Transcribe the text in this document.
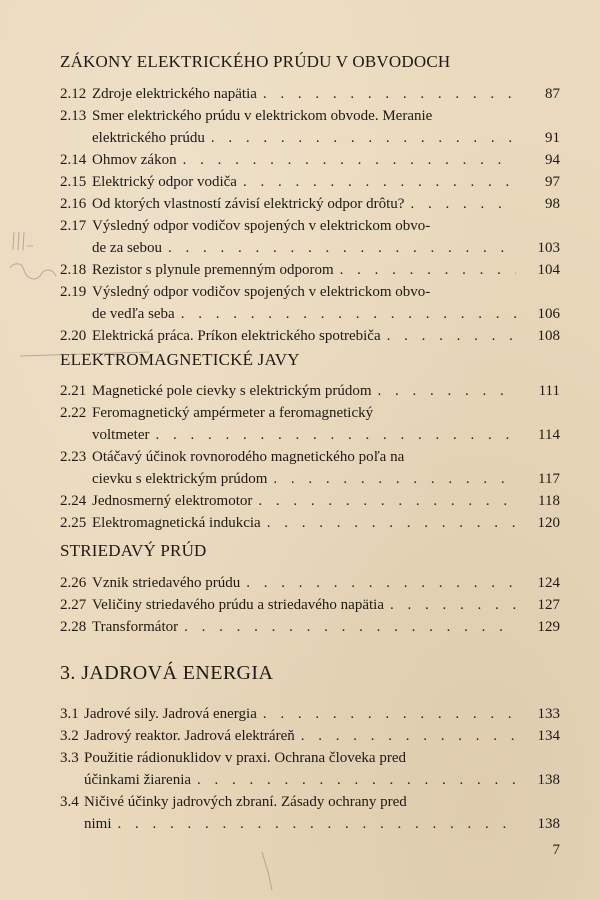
ZÁKONY ELEKTRICKÉHO PRÚDU V OBVODOCH
2.12 Zdroje elektrického napätia . . .	87
2.13 Smer elektrického prúdu v elektrickom obvode. Meranie
elektrického prúdu . . .	91
2.14 Ohmov zákon . . .	94
2.15 Elektrický odpor vodiča . . .	97
2.16 Od ktorých vlastností závisí elektrický odpor drôtu? . . .	98
2.17 Výsledný odpor vodičov spojených v elektrickom obvo-
de za sebou . . .	103
2.18 Rezistor s plynule premenným odporom . . .	104
2.19 Výsledný odpor vodičov spojených v elektrickom obvo-
de vedľa seba . . .	106
2.20 Elektrická práca. Príkon elektrického spotrebiča . . .	108
ELEKTROMAGNETICKÉ JAVY
2.21 Magnetické pole cievky s elektrickým prúdom . . .	111
2.22 Feromagnetický ampérmeter a feromagnetický
voltmeter . . .	114
2.23 Otáčavý účinok rovnorodého magnetického poľa na
cievku s elektrickým prúdom . . .	117
2.24 Jednosmerný elektromotor . . .	118
2.25 Elektromagnetická indukcia . . .	120
STRIEDAVÝ PRÚD
2.26 Vznik striedavého prúdu . . .	124
2.27 Veličiny striedavého prúdu a striedavého napätia . . .	127
2.28 Transformátor . . .	129
3. JADROVÁ ENERGIA
3.1 Jadrové sily. Jadrová energia . . .	133
3.2 Jadrový reaktor. Jadrová elektráreň . . .	134
3.3 Použitie rádionuklidov v praxi. Ochrana človeka pred
účinkami žiarenia . . .	138
3.4 Ničivé účinky jadrových zbraní. Zásady ochrany pred
nimi . . .	138
7
